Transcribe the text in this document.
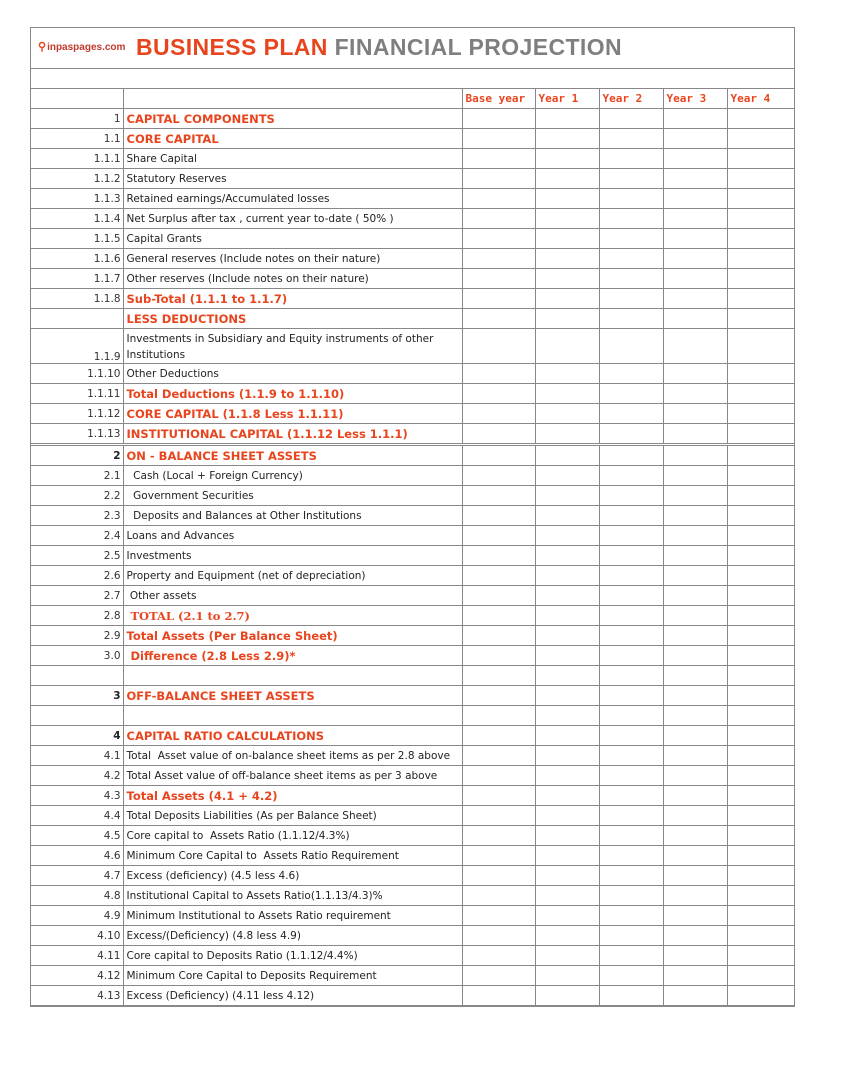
⚲inpaspages.com BUSINESS PLAN FINANCIAL PROJECTION
		Base year	Year 1	Year 2	Year 3	Year 4
1	CAPITAL COMPONENTS					
1.1	CORE CAPITAL					
1.1.1	Share Capital					
1.1.2	Statutory Reserves					
1.1.3	Retained earnings/Accumulated losses					
1.1.4	Net Surplus after tax , current year to-date ( 50% )					
1.1.5	Capital Grants					
1.1.6	General reserves (Include notes on their nature)					
1.1.7	Other reserves (Include notes on their nature)					
1.1.8	Sub-Total (1.1.1 to 1.1.7)					
	LESS DEDUCTIONS					
1.1.9	Investments in Subsidiary and Equity instruments of other Institutions					
1.1.10	Other Deductions					
1.1.11	Total Deductions (1.1.9 to 1.1.10)					
1.1.12	CORE CAPITAL (1.1.8 Less 1.1.11)					
1.1.13	INSTITUTIONAL CAPITAL (1.1.12 Less 1.1.1)					
2	ON - BALANCE SHEET ASSETS					
2.1	Cash (Local + Foreign Currency)					
2.2	Government Securities					
2.3	Deposits and Balances at Other Institutions					
2.4	Loans and Advances					
2.5	Investments					
2.6	Property and Equipment (net of depreciation)					
2.7	Other assets					
2.8	TOTAL (2.1 to 2.7)					
2.9	Total Assets (Per Balance Sheet)					
3.0	Difference (2.8 Less 2.9)*					

3	OFF-BALANCE SHEET ASSETS					

4	CAPITAL RATIO CALCULATIONS					
4.1	Total  Asset value of on-balance sheet items as per 2.8 above					
4.2	Total Asset value of off-balance sheet items as per 3 above					
4.3	Total Assets (4.1 + 4.2)					
4.4	Total Deposits Liabilities (As per Balance Sheet)					
4.5	Core capital to  Assets Ratio (1.1.12/4.3%)					
4.6	Minimum Core Capital to  Assets Ratio Requirement					
4.7	Excess (deficiency) (4.5 less 4.6)					
4.8	Institutional Capital to Assets Ratio(1.1.13/4.3)%					
4.9	Minimum Institutional to Assets Ratio requirement					
4.10	Excess/(Deficiency) (4.8 less 4.9)					
4.11	Core capital to Deposits Ratio (1.1.12/4.4%)					
4.12	Minimum Core Capital to Deposits Requirement					
4.13	Excess (Deficiency) (4.11 less 4.12)					
